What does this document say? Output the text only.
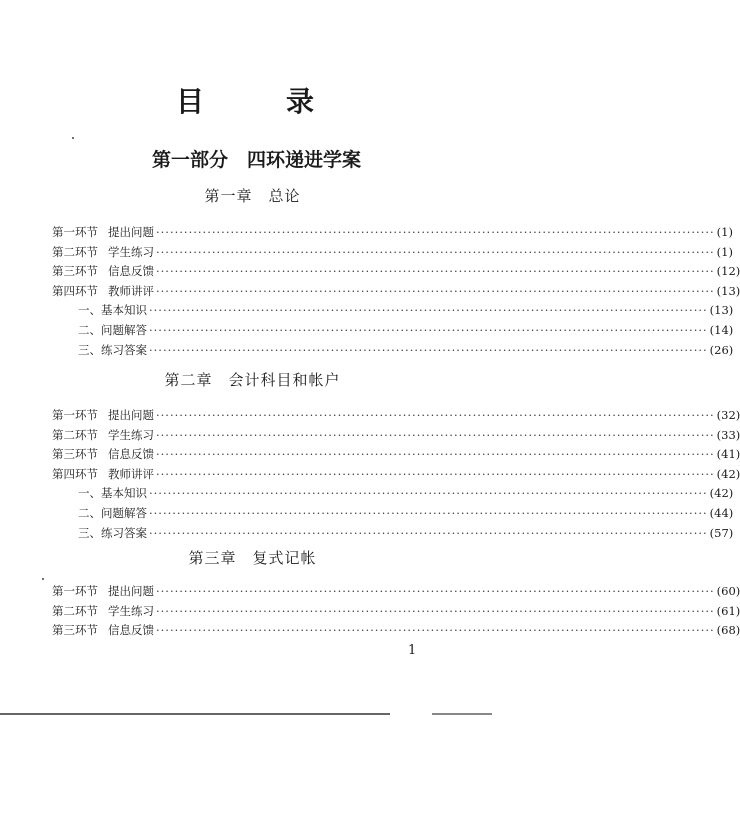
目	录
第一部分　四环递进学案
第一章　总论
第一环节 提出问题 ························································································································ (1)
第二环节 学生练习 ························································································································ (1)
第三环节 信息反馈 ························································································································ (12)
第四环节 教师讲评 ························································································································ (13)
一、基本知识 ························································································································ (13)
二、问题解答 ························································································································ (14)
三、练习答案 ························································································································ (26)
第二章　会计科目和帐户
第一环节 提出问题 ························································································································ (32)
第二环节 学生练习 ························································································································ (33)
第三环节 信息反馈 ························································································································ (41)
第四环节 教师讲评 ························································································································ (42)
一、基本知识 ························································································································ (42)
二、问题解答 ························································································································ (44)
三、练习答案 ························································································································ (57)
第三章　复式记帐
第一环节 提出问题 ························································································································ (60)
第二环节 学生练习 ························································································································ (61)
第三环节 信息反馈 ························································································································ (68)
1
